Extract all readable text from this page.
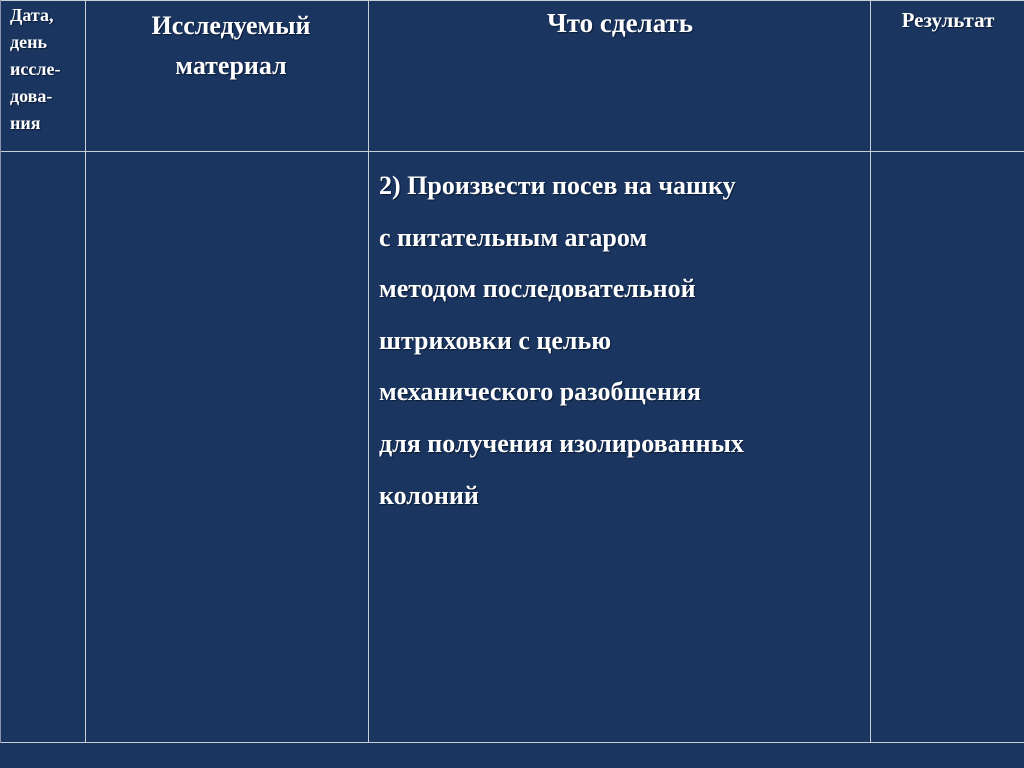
Дата,
день
иссле-
дова-
ния
Исследуемый
материал
Что сделать	Результат
2) Произвести посев на чашку
с питательным агаром
методом последовательной
штриховки с целью
механического разобщения
для получения изолированных
колоний
